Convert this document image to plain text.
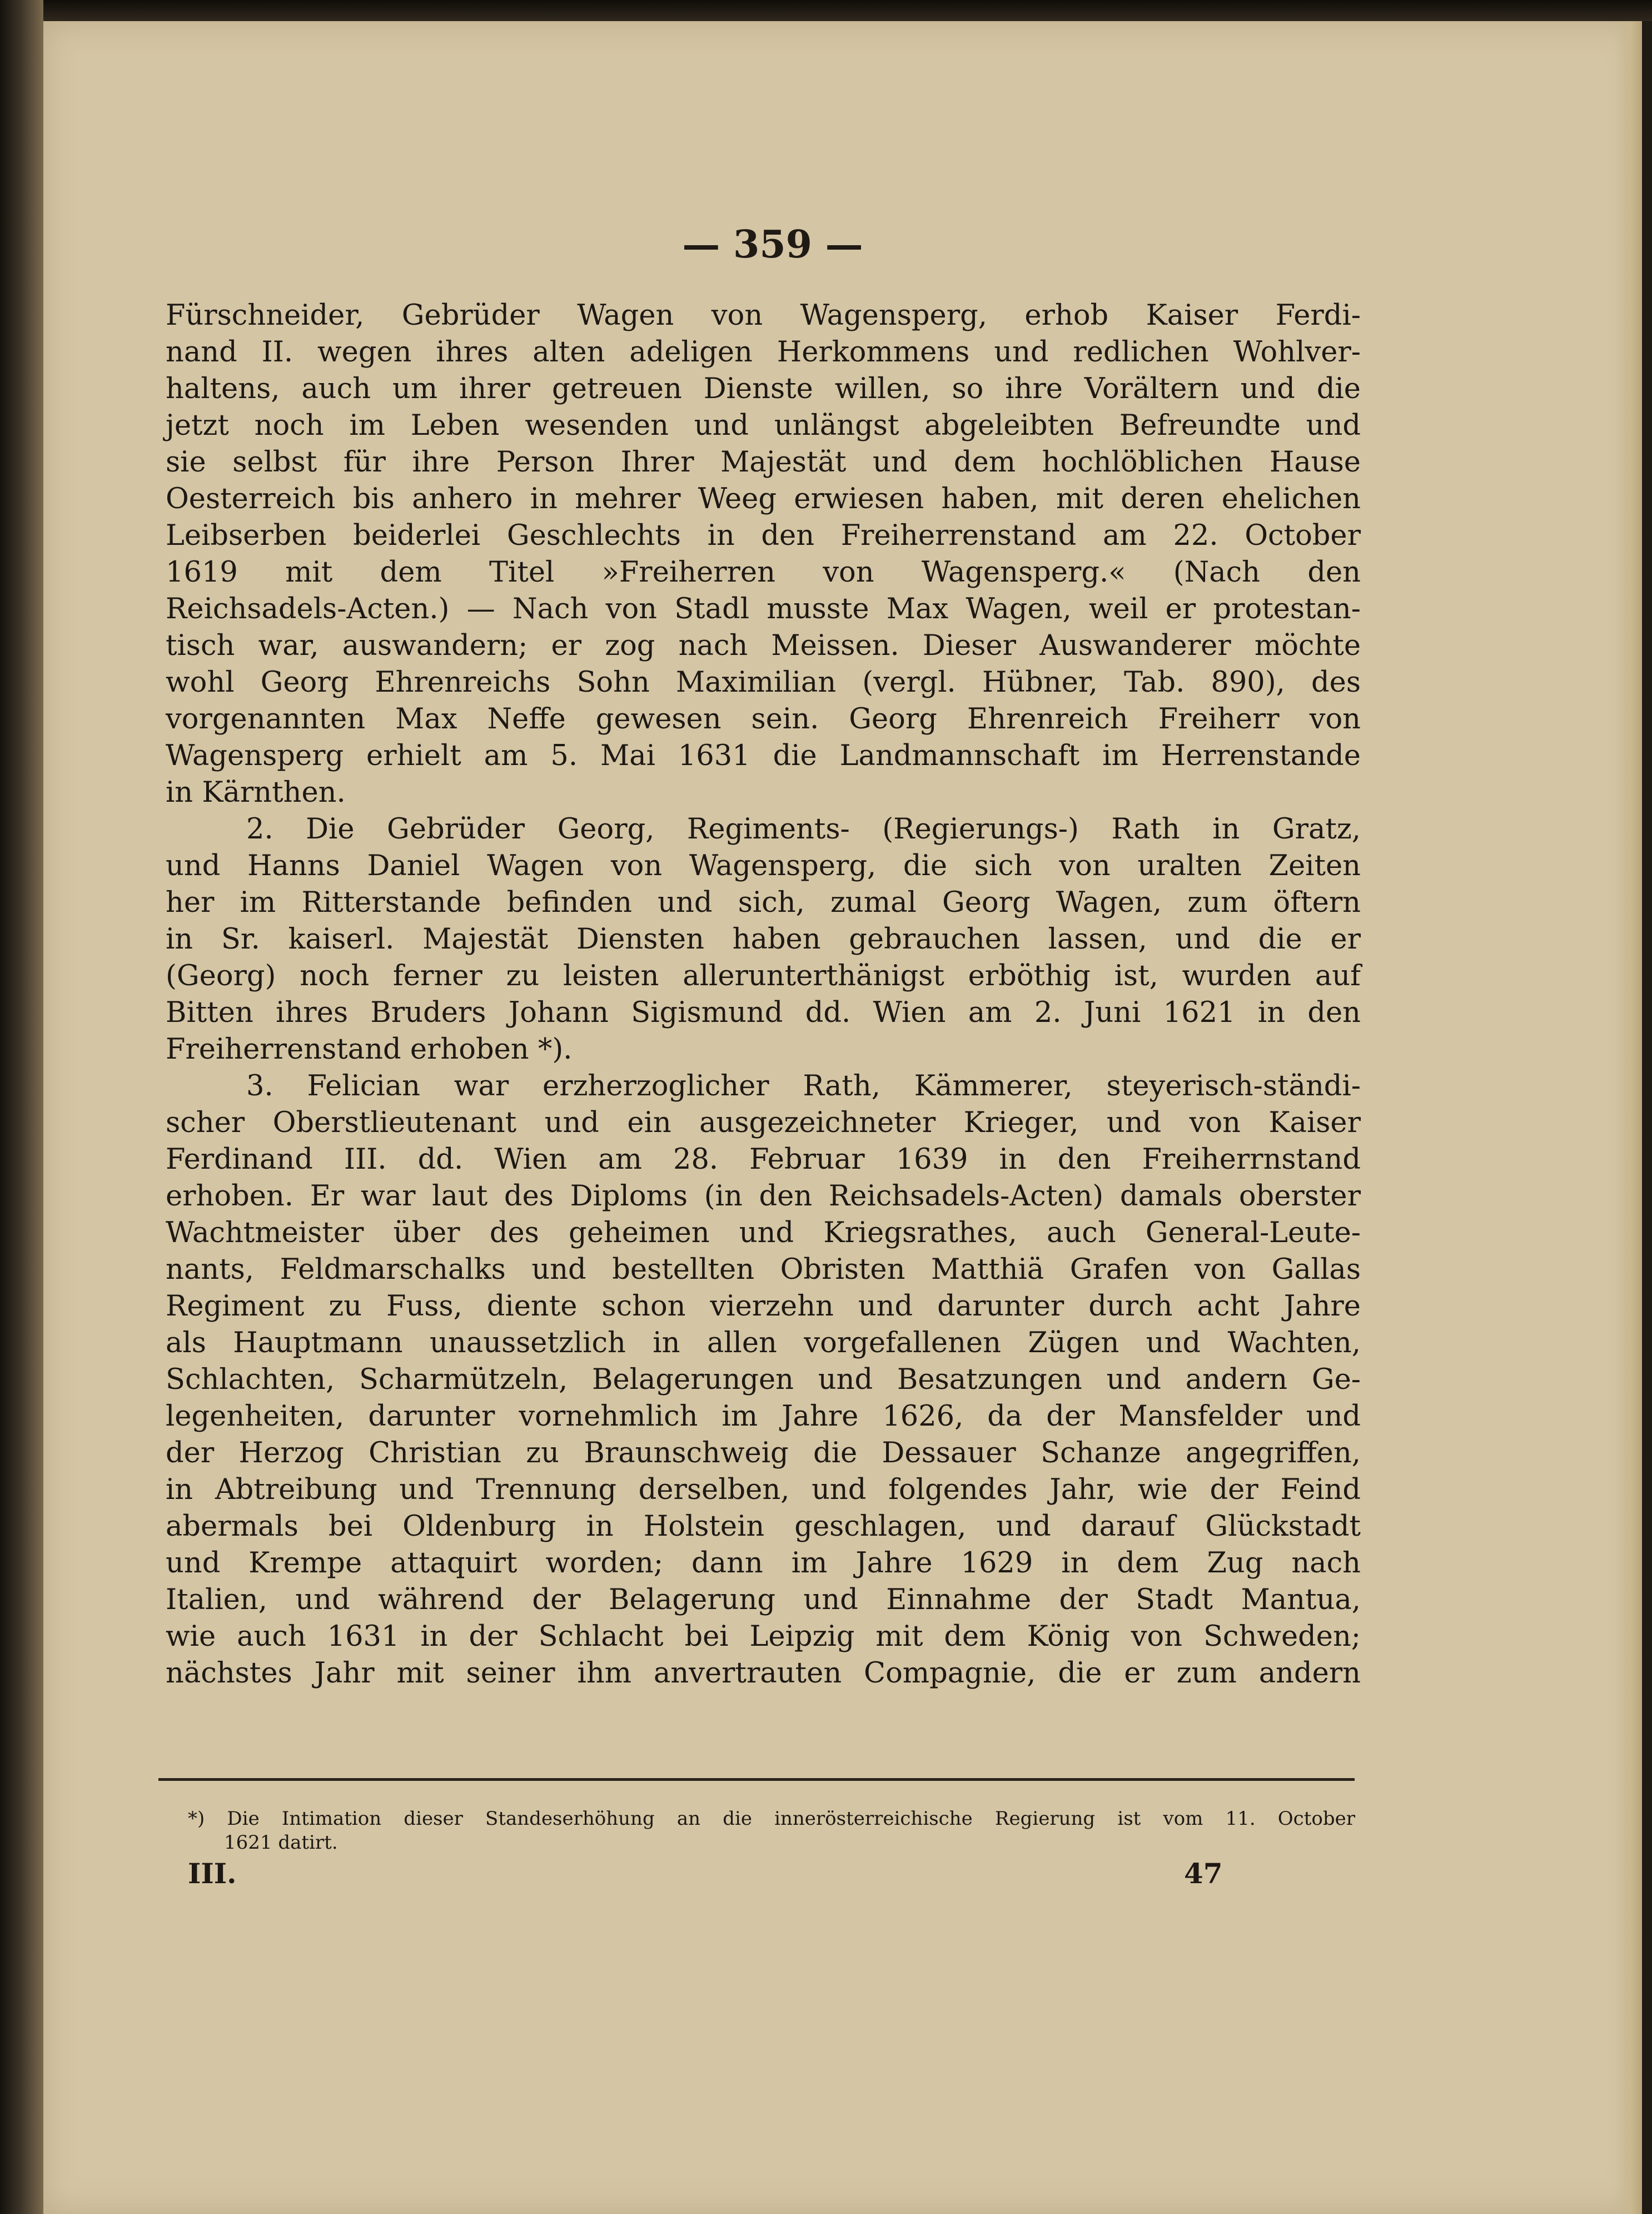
— 359 —
Fürschneider, Gebrüder Wagen von Wagensperg, erhob Kaiser Ferdi-
nand II. wegen ihres alten adeligen Herkommens und redlichen Wohlver-
haltens, auch um ihrer getreuen Dienste willen, so ihre Vorältern und die
jetzt noch im Leben wesenden und unlängst abgeleibten Befreundte und
sie selbst für ihre Person Ihrer Majestät und dem hochlöblichen Hause
Oesterreich bis anhero in mehrer Weeg erwiesen haben, mit deren ehelichen
Leibserben beiderlei Geschlechts in den Freiherrenstand am 22. October
1619 mit dem Titel »Freiherren von Wagensperg.« (Nach den
Reichsadels-Acten.) — Nach von Stadl musste Max Wagen, weil er protestan-
tisch war, auswandern; er zog nach Meissen. Dieser Auswanderer möchte
wohl Georg Ehrenreichs Sohn Maximilian (vergl. Hübner, Tab. 890), des
vorgenannten Max Neffe gewesen sein. Georg Ehrenreich Freiherr von
Wagensperg erhielt am 5. Mai 1631 die Landmannschaft im Herrenstande
in Kärnthen.
2. Die Gebrüder Georg, Regiments- (Regierungs-) Rath in Gratz,
und Hanns Daniel Wagen von Wagensperg, die sich von uralten Zeiten
her im Ritterstande befinden und sich, zumal Georg Wagen, zum öftern
in Sr. kaiserl. Majestät Diensten haben gebrauchen lassen, und die er
(Georg) noch ferner zu leisten allerunterthänigst erböthig ist, wurden auf
Bitten ihres Bruders Johann Sigismund dd. Wien am 2. Juni 1621 in den
Freiherrenstand erhoben *).
3. Felician war erzherzoglicher Rath, Kämmerer, steyerisch-ständi-
scher Oberstlieutenant und ein ausgezeichneter Krieger, und von Kaiser
Ferdinand III. dd. Wien am 28. Februar 1639 in den Freiherrnstand
erhoben. Er war laut des Diploms (in den Reichsadels-Acten) damals oberster
Wachtmeister über des geheimen und Kriegsrathes, auch General-Leute-
nants, Feldmarschalks und bestellten Obristen Matthiä Grafen von Gallas
Regiment zu Fuss, diente schon vierzehn und darunter durch acht Jahre
als Hauptmann unaussetzlich in allen vorgefallenen Zügen und Wachten,
Schlachten, Scharmützeln, Belagerungen und Besatzungen und andern Ge-
legenheiten, darunter vornehmlich im Jahre 1626, da der Mansfelder und
der Herzog Christian zu Braunschweig die Dessauer Schanze angegriffen,
in Abtreibung und Trennung derselben, und folgendes Jahr, wie der Feind
abermals bei Oldenburg in Holstein geschlagen, und darauf Glückstadt
und Krempe attaquirt worden; dann im Jahre 1629 in dem Zug nach
Italien, und während der Belagerung und Einnahme der Stadt Mantua,
wie auch 1631 in der Schlacht bei Leipzig mit dem König von Schweden;
nächstes Jahr mit seiner ihm anvertrauten Compagnie, die er zum andern
*) Die Intimation dieser Standeserhöhung an die innerösterreichische Regierung ist vom 11. October
1621 datirt.
III.	47
